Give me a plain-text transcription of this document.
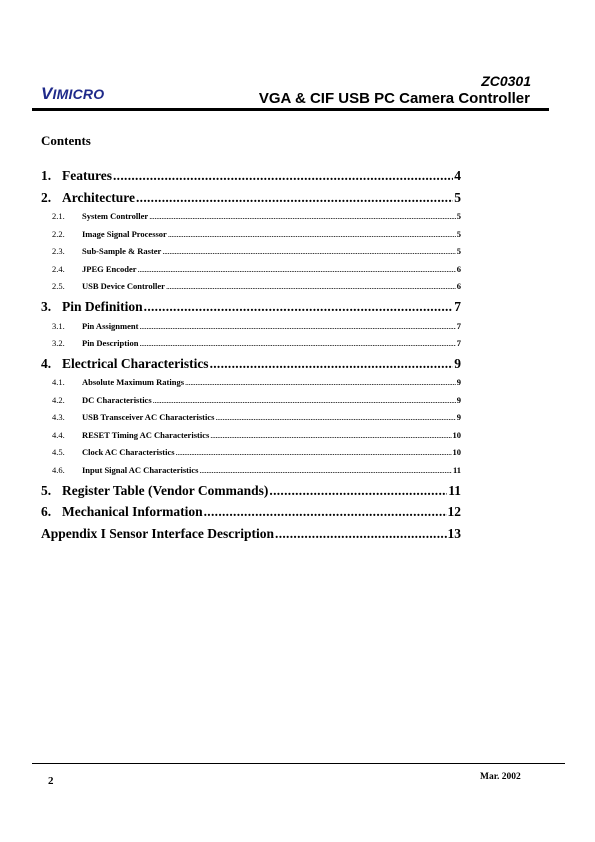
VIMICRO
ZC0301
VGA & CIF USB PC Camera Controller
Contents
1. Features .....	4
2. Architecture .....	5
2.1.	System Controller .....	5
2.2.	Image Signal Processor .....	5
2.3.	Sub-Sample & Raster .....	5
2.4.	JPEG Encoder .....	6
2.5.	USB Device Controller .....	6
3. Pin Definition .....	7
3.1.	Pin Assignment .....	7
3.2.	Pin Description .....	7
4. Electrical Characteristics .....	9
4.1.	Absolute Maximum Ratings .....	9
4.2.	DC Characteristics .....	9
4.3.	USB Transceiver AC Characteristics .....	9
4.4.	RESET Timing AC Characteristics .....	10
4.5.	Clock AC Characteristics .....	10
4.6.	Input Signal AC Characteristics .....	11
5. Register Table (Vendor Commands) .....	11
6. Mechanical Information .....	12
Appendix I Sensor Interface Description .....	13
2	Mar. 2002
